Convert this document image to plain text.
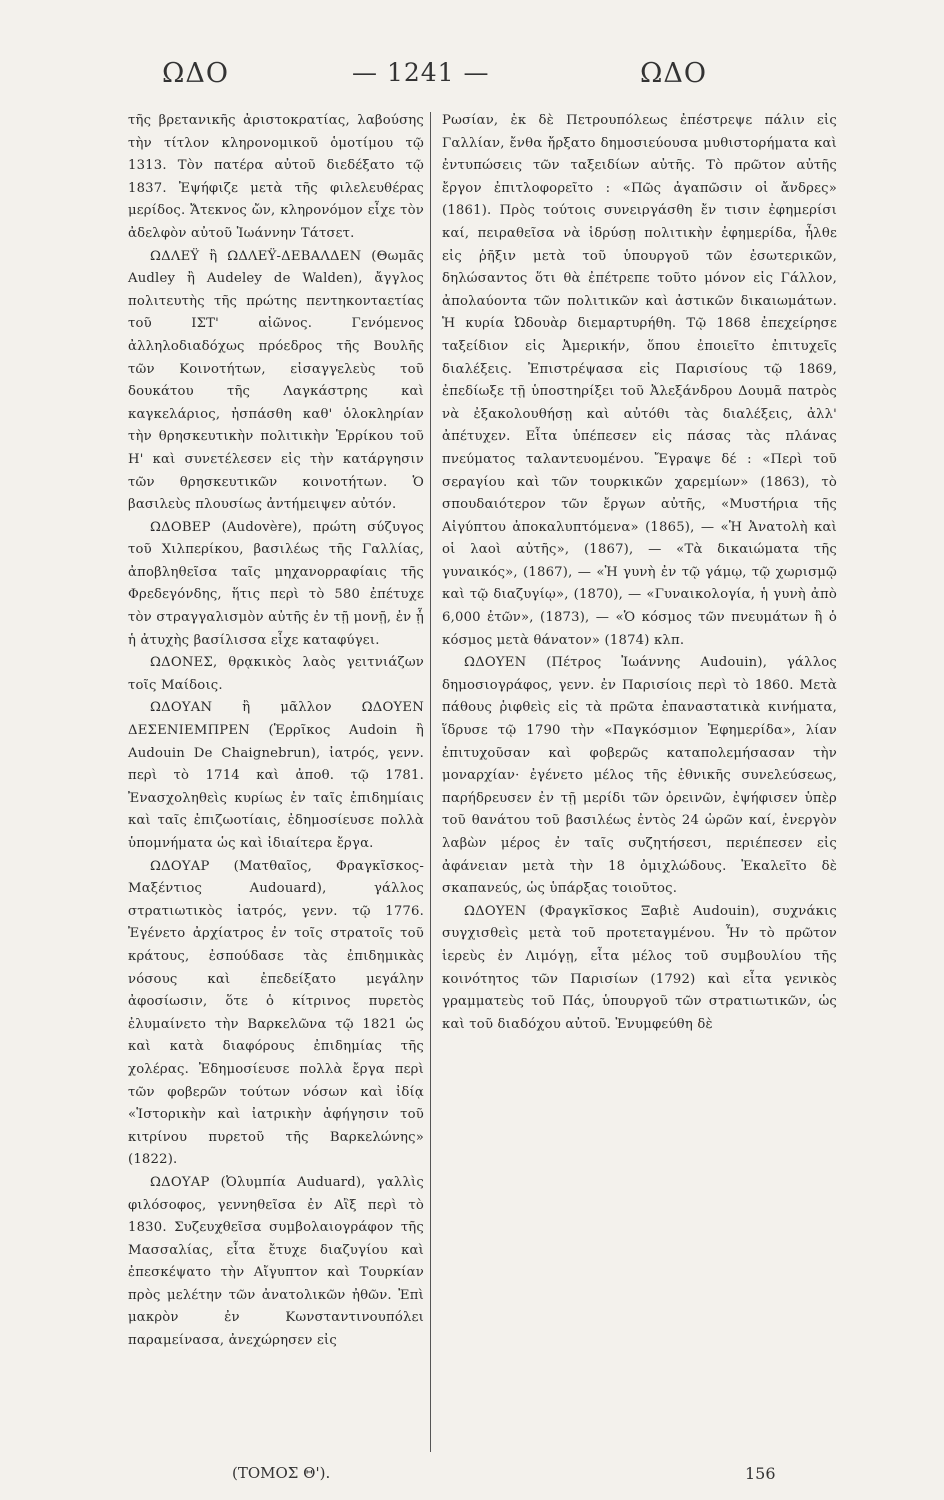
ΩΔΟ	— 1241 —	ΩΔΟ

τῆς βρετανικῆς ἀριστοκρατίας, λαβούσης τὴν τίτλον κληρονομικοῦ ὁμοτίμου τῷ 1313. Τὸν πατέρα αὐτοῦ διεδέξατο τῷ 1837. Ἐψήφιζε μετὰ τῆς φιλελευθέρας μερίδος. Ἄτεκνος ὤν, κληρονόμον εἶχε τὸν ἀδελφὸν αὐτοῦ Ἰωάννην Τάτσετ.

ΩΔΛΕΫ ἢ ΩΔΛΕΫ-ΔΕΒΑΛΔΕΝ (Θωμᾶς Audley ἢ Audeley de Walden), ἄγγλος πολιτευτὴς τῆς πρώτης πεντηκονταετίας τοῦ ΙΣΤ' αἰῶνος. Γενόμενος ἀλληλοδιαδόχως πρόεδρος τῆς Βουλῆς τῶν Κοινοτήτων, εἰσαγγελεὺς τοῦ δουκάτου τῆς Λαγκάστρης καὶ καγκελάριος, ἠσπάσθη καθ' ὁλοκληρίαν τὴν θρησκευτικὴν πολιτικὴν Ἑρρίκου τοῦ Η' καὶ συνετέλεσεν εἰς τὴν κατάργησιν τῶν θρησκευτικῶν κοινοτήτων. Ὁ βασιλεὺς πλουσίως ἀντήμειψεν αὐτόν.

ΩΔΟΒΕΡ (Audovère), πρώτη σύζυγος τοῦ Χιλπερίκου, βασιλέως τῆς Γαλλίας, ἀποβληθεῖσα ταῖς μηχανορραφίαις τῆς Φρεδεγόνδης, ἥτις περὶ τὸ 580 ἐπέτυχε τὸν στραγγαλισμὸν αὐτῆς ἐν τῇ μονῇ, ἐν ᾗ ἡ ἀτυχὴς βασίλισσα εἶχε καταφύγει.

ΩΔΟΝΕΣ, θρᾳκικὸς λαὸς γειτνιάζων τοῖς Μαίδοις.

ΩΔΟΥΑΝ ἢ μᾶλλον ΩΔΟΥΕΝ ΔΕΣΕΝΙΕΜΠΡΕΝ (Ἑρρῖκος Audoin ἢ Audouin De Chaignebrun), ἰατρός, γενν. περὶ τὸ 1714 καὶ ἀποθ. τῷ 1781. Ἐνασχοληθεὶς κυρίως ἐν ταῖς ἐπιδημίαις καὶ ταῖς ἐπιζωοτίαις, ἐδημοσίευσε πολλὰ ὑπομνήματα ὡς καὶ ἰδιαίτερα ἔργα.

ΩΔΟΥΑΡ (Ματθαῖος, Φραγκῖσκος-Μαξέντιος Audouard), γάλλος στρατιωτικὸς ἰατρός, γενν. τῷ 1776. Ἐγένετο ἀρχίατρος ἐν τοῖς στρατοῖς τοῦ κράτους, ἐσπούδασε τὰς ἐπιδημικὰς νόσους καὶ ἐπεδείξατο μεγάλην ἀφοσίωσιν, ὅτε ὁ κίτρινος πυρετὸς ἐλυμαίνετο τὴν Βαρκελῶνα τῷ 1821 ὡς καὶ κατὰ διαφόρους ἐπιδημίας τῆς χολέρας. Ἐδημοσίευσε πολλὰ ἔργα περὶ τῶν φοβερῶν τούτων νόσων καὶ ἰδίᾳ «Ἱστορικὴν καὶ ἰατρικὴν ἀφήγησιν τοῦ κιτρίνου πυρετοῦ τῆς Βαρκελώνης» (1822).

ΩΔΟΥΑΡ (Ὀλυμπία Auduard), γαλλὶς φιλόσοφος, γεννηθεῖσα ἐν Αἲξ περὶ τὸ 1830. Συζευχθεῖσα συμβολαιογράφον τῆς Μασσαλίας, εἶτα ἔτυχε διαζυγίου καὶ ἐπεσκέψατο τὴν Αἴγυπτον καὶ Τουρκίαν πρὸς μελέτην τῶν ἀνατολικῶν ἠθῶν. Ἐπὶ μακρὸν ἐν Κωνσταντινουπόλει παραμείνασα, ἀνεχώρησεν εἰς

Ρωσίαν, ἐκ δὲ Πετρουπόλεως ἐπέστρεψε πάλιν εἰς Γαλλίαν, ἔνθα ἤρξατο δημοσιεύουσα μυθιστορήματα καὶ ἐντυπώσεις τῶν ταξειδίων αὐτῆς. Τὸ πρῶτον αὐτῆς ἔργον ἐπιτλοφορεῖτο : «Πῶς ἀγαπῶσιν οἱ ἄνδρες» (1861). Πρὸς τούτοις συνειργάσθη ἔν τισιν ἐφημερίσι καί, πειραθεῖσα νὰ ἱδρύσῃ πολιτικὴν ἐφημερίδα, ἦλθε εἰς ῥῆξιν μετὰ τοῦ ὑπουργοῦ τῶν ἐσωτερικῶν, δηλώσαντος ὅτι θὰ ἐπέτρεπε τοῦτο μόνον εἰς Γάλλον, ἀπολαύοντα τῶν πολιτικῶν καὶ ἀστικῶν δικαιωμάτων. Ἡ κυρία Ὠδουὰρ διεμαρτυρήθη. Τῷ 1868 ἐπεχείρησε ταξείδιον εἰς Ἀμερικήν, ὅπου ἐποιεῖτο ἐπιτυχεῖς διαλέξεις. Ἐπιστρέψασα εἰς Παρισίους τῷ 1869, ἐπεδίωξε τῇ ὑποστηρίξει τοῦ Ἀλεξάνδρου Δουμᾶ πατρὸς νὰ ἐξακολουθήσῃ καὶ αὐτόθι τὰς διαλέξεις, ἀλλ' ἀπέτυχεν. Εἶτα ὑπέπεσεν εἰς πάσας τὰς πλάνας πνεύματος ταλαντευομένου. Ἔγραψε δέ : «Περὶ τοῦ σεραγίου καὶ τῶν τουρκικῶν χαρεμίων» (1863), τὸ σπουδαιότερον τῶν ἔργων αὐτῆς, «Μυστήρια τῆς Αἰγύπτου ἀποκαλυπτόμενα» (1865), — «Ἡ Ἀνατολὴ καὶ οἱ λαοὶ αὐτῆς», (1867), — «Τὰ δικαιώματα τῆς γυναικός», (1867), — «Ἡ γυνὴ ἐν τῷ γάμῳ, τῷ χωρισμῷ καὶ τῷ διαζυγίῳ», (1870), — «Γυναικολογία, ἡ γυνὴ ἀπὸ 6,000 ἐτῶν», (1873), — «Ὁ κόσμος τῶν πνευμάτων ἢ ὁ κόσμος μετὰ θάνατον» (1874) κλπ.

ΩΔΟΥΕΝ (Πέτρος Ἰωάννης Audouin), γάλλος δημοσιογράφος, γενν. ἐν Παρισίοις περὶ τὸ 1860. Μετὰ πάθους ῥιφθεὶς εἰς τὰ πρῶτα ἐπαναστατικὰ κινήματα, ἵδρυσε τῷ 1790 τὴν «Παγκόσμιον Ἐφημερίδα», λίαν ἐπιτυχοῦσαν καὶ φοβερῶς καταπολεμήσασαν τὴν μοναρχίαν· ἐγένετο μέλος τῆς ἐθνικῆς συνελεύσεως, παρήδρευσεν ἐν τῇ μερίδι τῶν ὀρεινῶν, ἐψήφισεν ὑπὲρ τοῦ θανάτου τοῦ βασιλέως ἐντὸς 24 ὡρῶν καί, ἐνεργὸν λαβὼν μέρος ἐν ταῖς συζητήσεσι, περιέπεσεν εἰς ἀφάνειαν μετὰ τὴν 18 ὀμιχλώδους. Ἐκαλεῖτο δὲ σκαπανεύς, ὡς ὑπάρξας τοιοῦτος.

ΩΔΟΥΕΝ (Φραγκῖσκος Ξαβιὲ Audouin), συχνάκις συγχισθεὶς μετὰ τοῦ προτεταγμένου. Ἦν τὸ πρῶτον ἱερεὺς ἐν Λιμόγῃ, εἶτα μέλος τοῦ συμβουλίου τῆς κοινότητος τῶν Παρισίων (1792) καὶ εἶτα γενικὸς γραμματεὺς τοῦ Πάς, ὑπουργοῦ τῶν στρατιωτικῶν, ὡς καὶ τοῦ διαδόχου αὐτοῦ. Ἐνυμφεύθη δὲ

(ΤΟΜΟΣ Θ').	156
